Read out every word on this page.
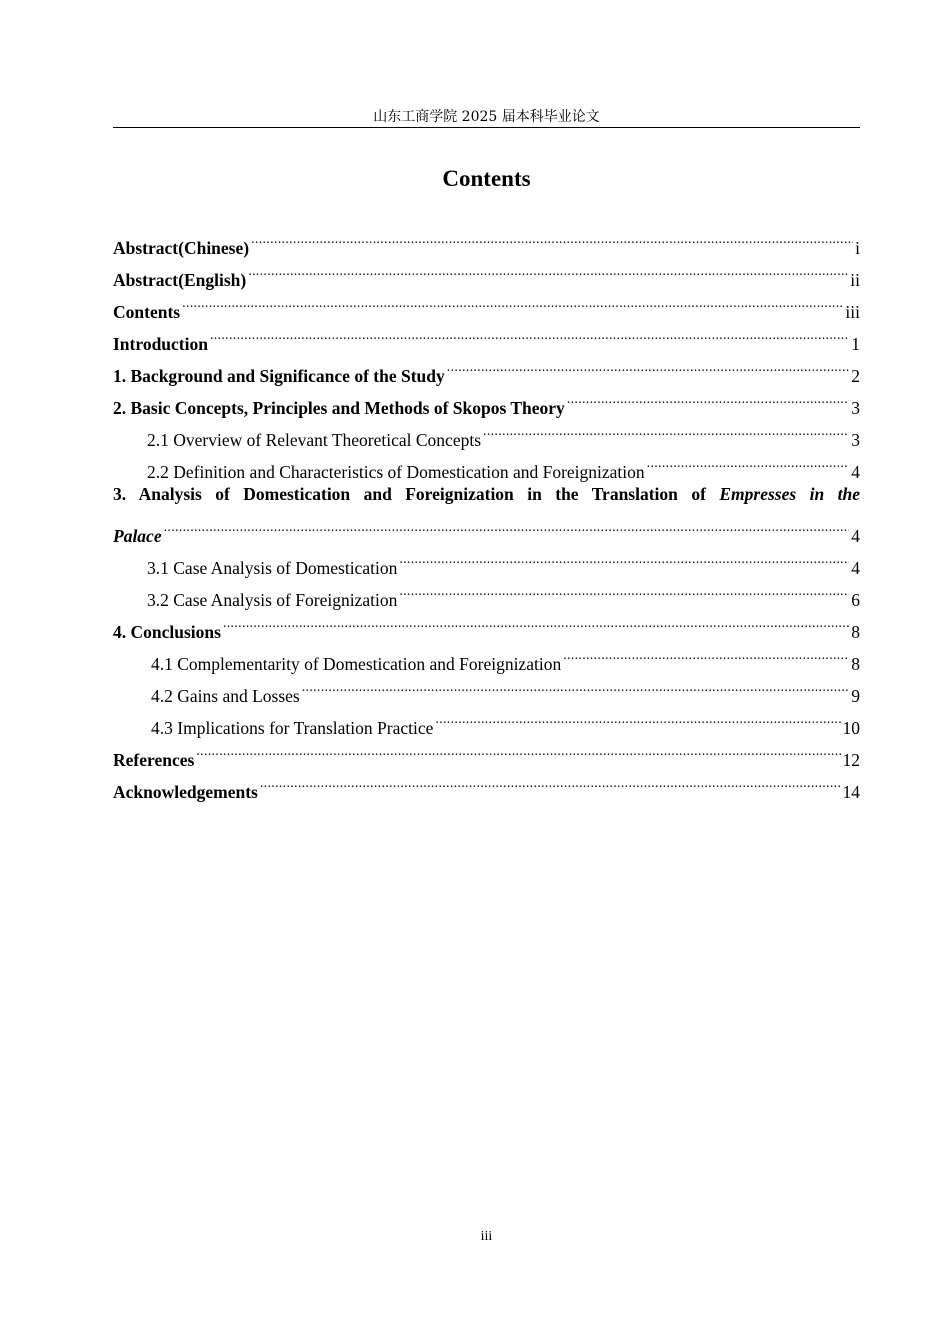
山东工商学院 2025 届本科毕业论文
Contents
Abstract(Chinese) .....	i
Abstract(English) .....	ii
Contents .....	iii
Introduction .....	1
1. Background and Significance of the Study .....	2
2. Basic Concepts, Principles and Methods of Skopos Theory .....	3
2.1 Overview of Relevant Theoretical Concepts .....	3
2.2 Definition and Characteristics of Domestication and Foreignization .....	4
3. Analysis of Domestication and Foreignization in the Translation of Empresses in the
Palace .....	4
3.1 Case Analysis of Domestication .....	4
3.2 Case Analysis of Foreignization .....	6
4. Conclusions .....	8
4.1 Complementarity of Domestication and Foreignization .....	8
4.2 Gains and Losses .....	9
4.3 Implications for Translation Practice .....	10
References .....	12
Acknowledgements .....	14
iii
